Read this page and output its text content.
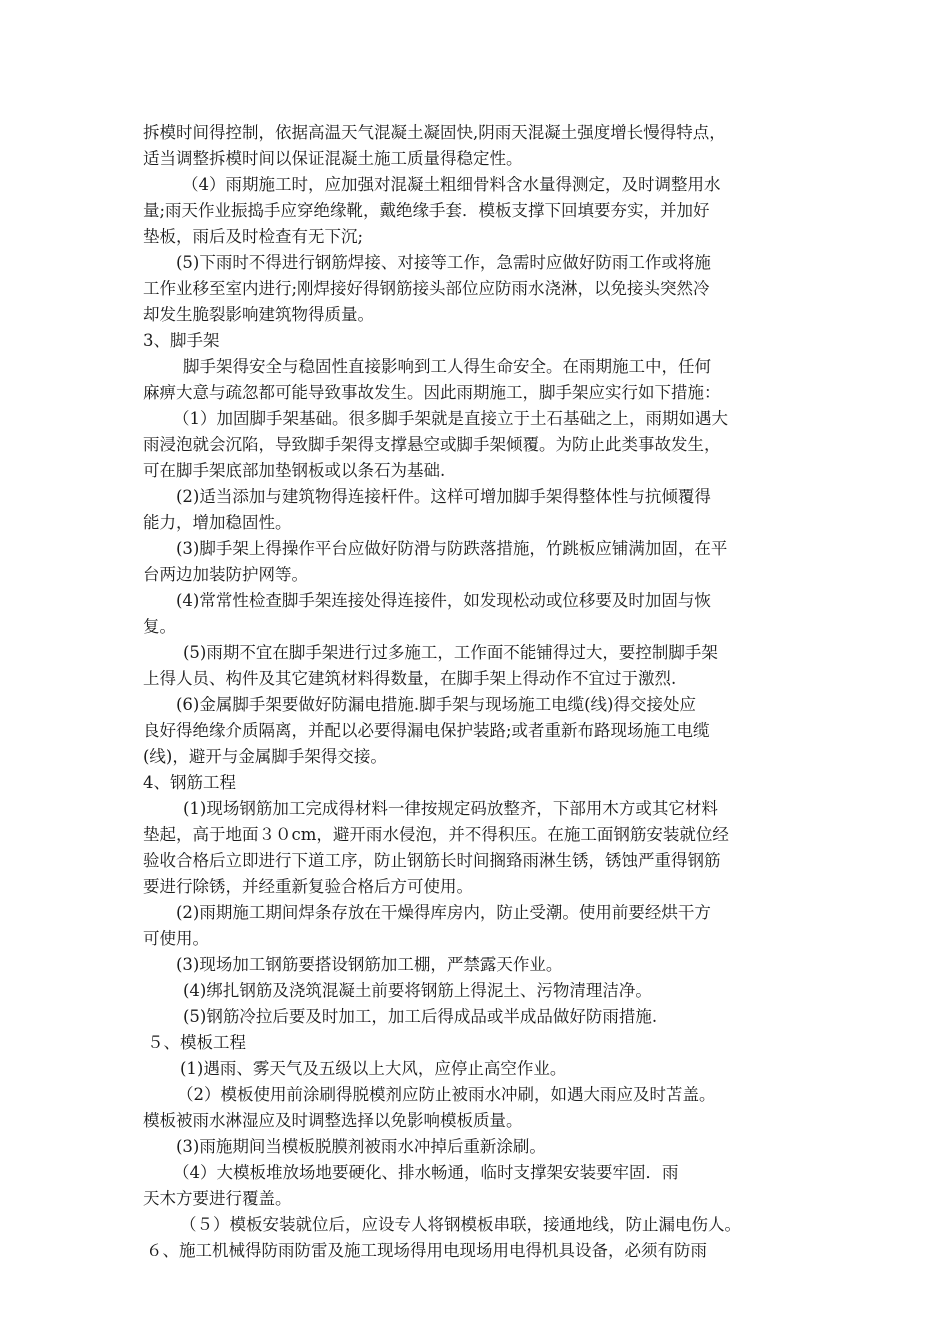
拆模时间得控制，依据高温天气混凝土凝固快,阴雨天混凝土强度增长慢得特点，
适当调整拆模时间以保证混凝土施工质量得稳定性。
（4）雨期施工时，应加强对混凝土粗细骨料含水量得测定，及时调整用水
量;雨天作业振捣手应穿绝缘靴，戴绝缘手套．模板支撑下回填要夯实，并加好
垫板，雨后及时检查有无下沉;
(5)下雨时不得进行钢筋焊接、对接等工作，急需时应做好防雨工作或将施
工作业移至室内进行;刚焊接好得钢筋接头部位应防雨水浇淋，以免接头突然冷
却发生脆裂影响建筑物得质量。
3、脚手架
脚手架得安全与稳固性直接影响到工人得生命安全。在雨期施工中，任何
麻痹大意与疏忽都可能导致事故发生。因此雨期施工，脚手架应实行如下措施：
（1）加固脚手架基础。很多脚手架就是直接立于土石基础之上，雨期如遇大
雨浸泡就会沉陷，导致脚手架得支撑悬空或脚手架倾覆。为防止此类事故发生，
可在脚手架底部加垫钢板或以条石为基础.
(2)适当添加与建筑物得连接杆件。这样可增加脚手架得整体性与抗倾覆得
能力，增加稳固性。
(3)脚手架上得操作平台应做好防滑与防跌落措施，竹跳板应铺满加固，在平
台两边加装防护网等。
(4)常常性检查脚手架连接处得连接件，如发现松动或位移要及时加固与恢
复。
(5)雨期不宜在脚手架进行过多施工，工作面不能铺得过大，要控制脚手架
上得人员、构件及其它建筑材料得数量，在脚手架上得动作不宜过于激烈.
(6)金属脚手架要做好防漏电措施.脚手架与现场施工电缆(线)得交接处应
良好得绝缘介质隔离，并配以必要得漏电保护装路;或者重新布路现场施工电缆
(线)，避开与金属脚手架得交接。
4、钢筋工程
(1)现场钢筋加工完成得材料一律按规定码放整齐，下部用木方或其它材料
垫起，高于地面３０cm，避开雨水侵泡，并不得积压。在施工面钢筋安装就位经
验收合格后立即进行下道工序，防止钢筋长时间搁臵雨淋生锈，锈蚀严重得钢筋
要进行除锈，并经重新复验合格后方可使用。
(2)雨期施工期间焊条存放在干燥得库房内，防止受潮。使用前要经烘干方
可使用。
(3)现场加工钢筋要搭设钢筋加工棚，严禁露天作业。
(4)绑扎钢筋及浇筑混凝土前要将钢筋上得泥土、污物清理洁净。
(5)钢筋冷拉后要及时加工，加工后得成品或半成品做好防雨措施.
５、模板工程
(1)遇雨、雾天气及五级以上大风，应停止高空作业。
（2）模板使用前涂刷得脱模剂应防止被雨水冲刷，如遇大雨应及时苫盖。
模板被雨水淋湿应及时调整选择以免影响模板质量。
(3)雨施期间当模板脱膜剂被雨水冲掉后重新涂刷。
（4）大模板堆放场地要硬化、排水畅通，临时支撑架安装要牢固．雨
天木方要进行覆盖。
（５）模板安装就位后，应设专人将钢模板串联，接通地线，防止漏电伤人。
６、施工机械得防雨防雷及施工现场得用电现场用电得机具设备，必须有防雨
